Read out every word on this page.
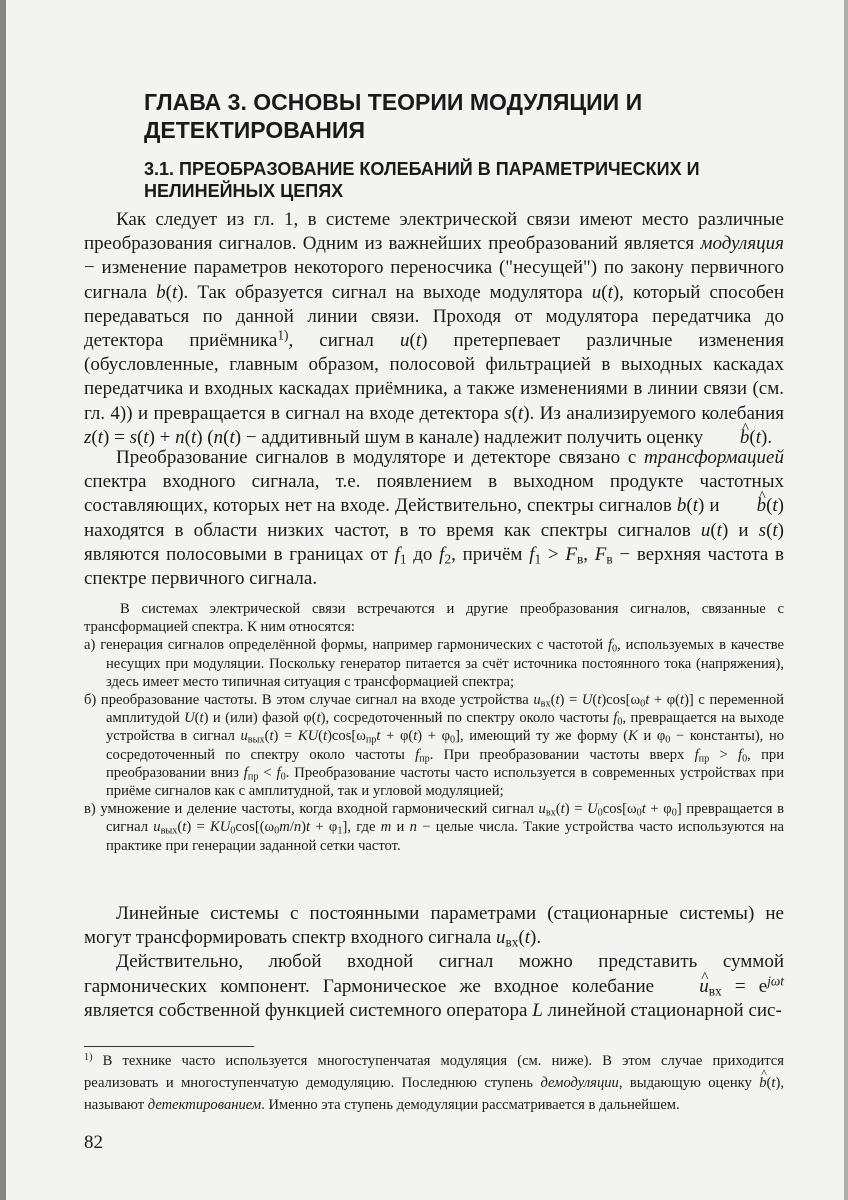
ГЛАВА 3. ОСНОВЫ ТЕОРИИ МОДУЛЯЦИИ И ДЕТЕКТИРОВАНИЯ
3.1. ПРЕОБРАЗОВАНИЕ КОЛЕБАНИЙ В ПАРАМЕТРИЧЕСКИХ И НЕЛИНЕЙНЫХ ЦЕПЯХ

Как следует из гл. 1, в системе электрической связи имеют место различные преобразования сигналов. Одним из важнейших преобразований является модуляция − изменение параметров некоторого переносчика ("несущей") по закону первичного сигнала b(t). Так образуется сигнал на выходе модулятора u(t), который способен передаваться по данной линии связи. Проходя от модулятора передатчика до детектора приёмника$^{1)}$, сигнал u(t) претерпевает различные изменения (обусловленные, главным образом, полосовой фильтрацией в выходных каскадах передатчика и входных каскадах приёмника, а также изменениями в линии связи (см. гл. 4)) и превращается в сигнал на входе детектора s(t). Из анализируемого колебания z(t) = s(t) + n(t) (n(t) − аддитивный шум в канале) надлежит получить оценку ^ b(t).

Преобразование сигналов в модуляторе и детекторе связано с трансформацией спектра входного сигнала, т.е. появлением в выходном продукте частотных составляющих, которых нет на входе. Действительно, спектры сигналов b(t) и ^ b(t) находятся в области низких частот, в то время как спектры сигналов u(t) и s(t) являются полосовыми в границах от $f_1$ до $f_2$, причём $f_1 > F_в$, $F_в$ − верхняя частота в спектре первичного сигнала.

В системах электрической связи встречаются и другие преобразования сигналов, связанные с трансформацией спектра. К ним относятся:

а) генерация сигналов определённой формы, например гармонических с частотой $f_0$, используемых в качестве несущих при модуляции. Поскольку генератор питается за счёт источника постоянного тока (напряжения), здесь имеет место типичная ситуация с трансформацией спектра;

б) преобразование частоты. В этом случае сигнал на входе устройства $u_{вх}(t) = U(t)\cos[\omega_0t + \varphi(t)]$ с переменной амплитудой U(t) и (или) фазой φ(t), сосредоточенный по спектру около частоты $f_0$, превращается на выходе устройства в сигнал $u_{вых}(t) = KU(t)\cos[\omega_{пр}t + \varphi(t) + \varphi_0]$, имеющий ту же форму (K и $\varphi_0$ − константы), но сосредоточенный по спектру около частоты $f_{пр}$. При преобразовании частоты вверх $f_{пр} > f_0$, при преобразовании вниз $f_{пр} < f_0$. Преобразование частоты часто используется в современных устройствах при приёме сигналов как с амплитудной, так и угловой модуляцией;

в) умножение и деление частоты, когда входной гармонический сигнал $u_{вх}(t) = U_0\cos[\omega_0t + \varphi_0]$ превращается в сигнал $u_{вых}(t) = KU_0\cos[(\omega_0m/n)t + \varphi_1]$, где m и n − целые числа. Такие устройства часто используются на практике при генерации заданной сетки частот.

Линейные системы с постоянными параметрами (стационарные системы) не могут трансформировать спектр входного сигнала $u_{вх}(t)$.
Действительно, любой входной сигнал можно представить суммой гармонических компонент. Гармоническое же входное колебание ^ $u_{вх} = e^{j\omega t}$ является собственной функцией системного оператора L линейной стационарной сис-

$^{1)}$ В технике часто используется многоступенчатая модуляция (см. ниже). В этом случае приходится реализовать и многоступенчатую демодуляцию. Последнюю ступень демодуляции, выдающую оценку ^ b(t), называют детектированием. Именно эта ступень демодуляции рассматривается в дальнейшем.

82
